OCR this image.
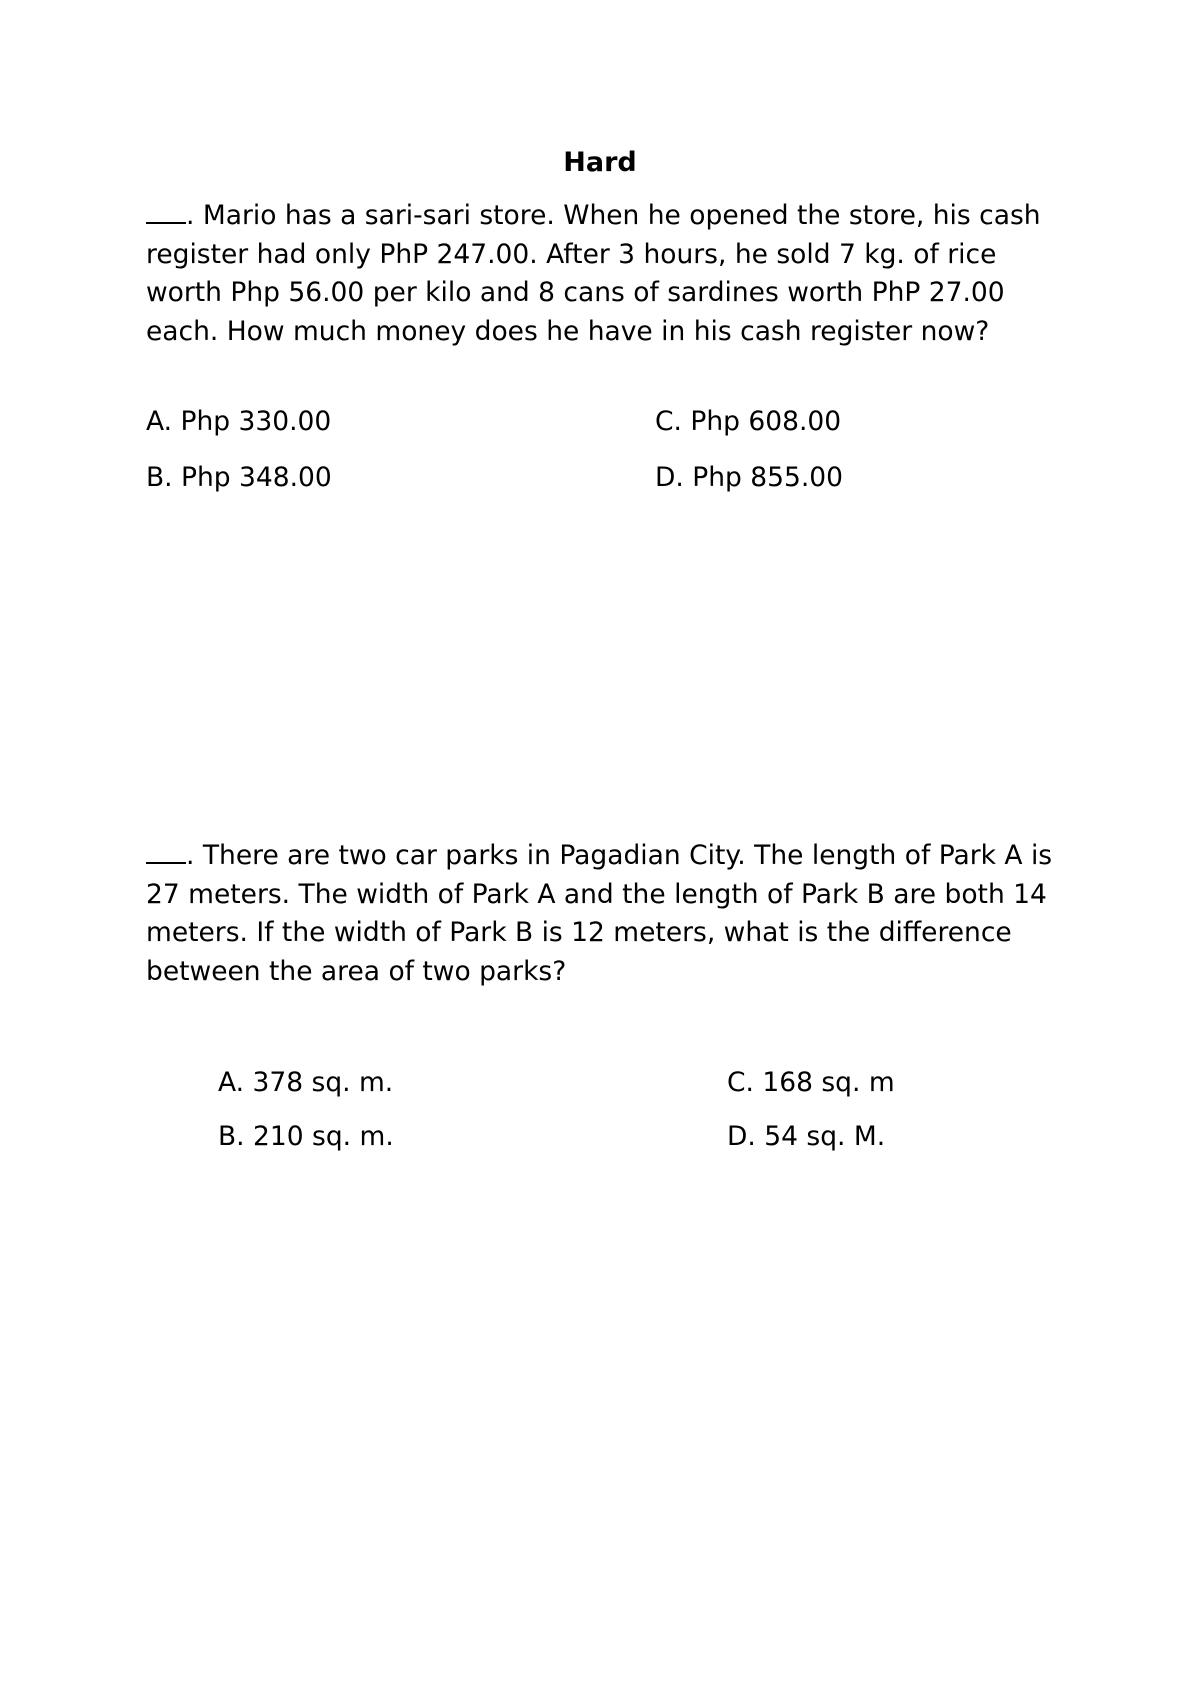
Hard

. Mario has a sari-sari store. When he opened the store, his cash register had only PhP 247.00. After 3 hours, he sold 7 kg. of rice worth Php 56.00 per kilo and 8 cans of sardines worth PhP 27.00 each. How much money does he have in his cash register now?

A. Php 330.00
B. Php 348.00
C. Php 608.00
D. Php 855.00

. There are two car parks in Pagadian City. The length of Park A is 27 meters. The width of Park A and the length of Park B are both 14 meters. If the width of Park B is 12 meters, what is the difference between the area of two parks?

A. 378 sq. m.
B. 210 sq. m.
C. 168 sq. m
D. 54 sq. M.
